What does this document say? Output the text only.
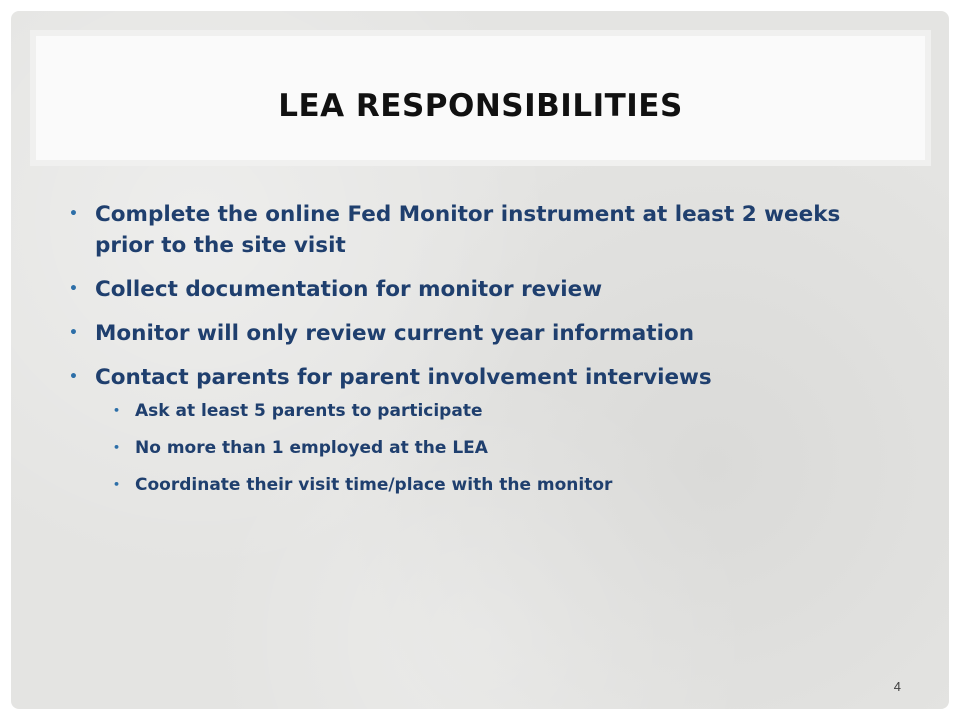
LEA RESPONSIBILITIES
• Complete the online Fed Monitor instrument at least 2 weeks prior to the site visit
• Collect documentation for monitor review
• Monitor will only review current year information
• Contact parents for parent involvement interviews
• Ask at least 5 parents to participate
• No more than 1 employed at the LEA
• Coordinate their visit time/place with the monitor
4
